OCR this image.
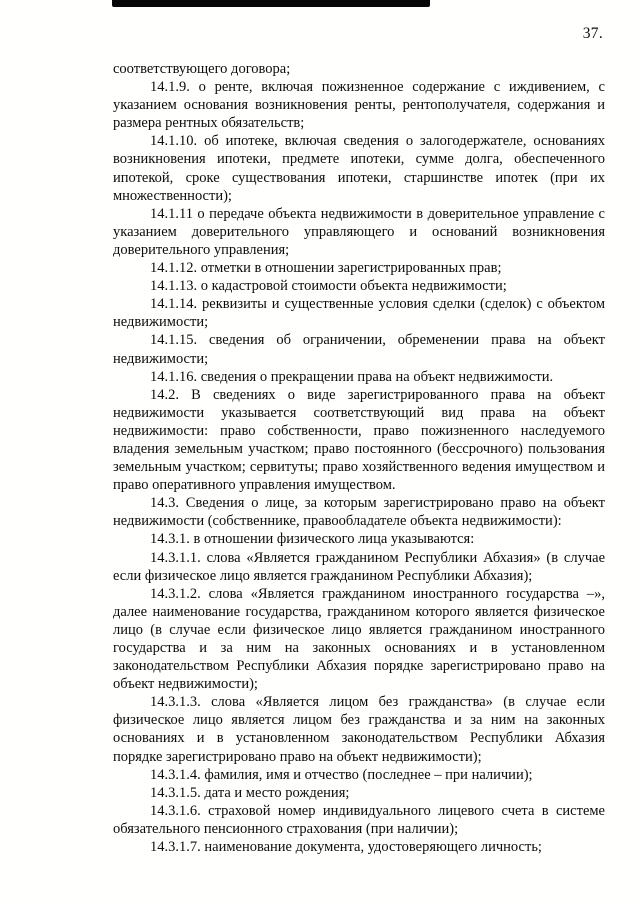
37.

соответствующего договора;

14.1.9. о ренте, включая пожизненное содержание с иждивением, с указанием основания возникновения ренты, рентополучателя, содержания и размера рентных обязательств;

14.1.10. об ипотеке, включая сведения о залогодержателе, основаниях возникновения ипотеки, предмете ипотеки, сумме долга, обеспеченного ипотекой, сроке существования ипотеки, старшинстве ипотек (при их множественности);

14.1.11 о передаче объекта недвижимости в доверительное управление с указанием доверительного управляющего и оснований возникновения доверительного управления;

14.1.12. отметки в отношении зарегистрированных прав;

14.1.13. о кадастровой стоимости объекта недвижимости;

14.1.14. реквизиты и существенные условия сделки (сделок) с объектом недвижимости;

14.1.15. сведения об ограничении, обременении права на объект недвижимости;

14.1.16. сведения о прекращении права на объект недвижимости.

14.2. В сведениях о виде зарегистрированного права на объект недвижимости указывается соответствующий вид права на объект недвижимости: право собственности, право пожизненного наследуемого владения земельным участком; право постоянного (бессрочного) пользования земельным участком; сервитуты; право хозяйственного ведения имуществом и право оперативного управления имуществом.

14.3. Сведения о лице, за которым зарегистрировано право на объект недвижимости (собственнике, правообладателе объекта недвижимости):

14.3.1. в отношении физического лица указываются:

14.3.1.1. слова «Является гражданином Республики Абхазия» (в случае если физическое лицо является гражданином Республики Абхазия);

14.3.1.2. слова «Является гражданином иностранного государства –», далее наименование государства, гражданином которого является физическое лицо (в случае если физическое лицо является гражданином иностранного государства и за ним на законных основаниях и в установленном законодательством Республики Абхазия порядке зарегистрировано право на объект недвижимости);

14.3.1.3. слова «Является лицом без гражданства» (в случае если физическое лицо является лицом без гражданства и за ним на законных основаниях и в установленном законодательством Республики Абхазия порядке зарегистрировано право на объект недвижимости);

14.3.1.4. фамилия, имя и отчество (последнее – при наличии);

14.3.1.5. дата и место рождения;

14.3.1.6. страховой номер индивидуального лицевого счета в системе обязательного пенсионного страхования (при наличии);

14.3.1.7. наименование документа, удостоверяющего личность;
